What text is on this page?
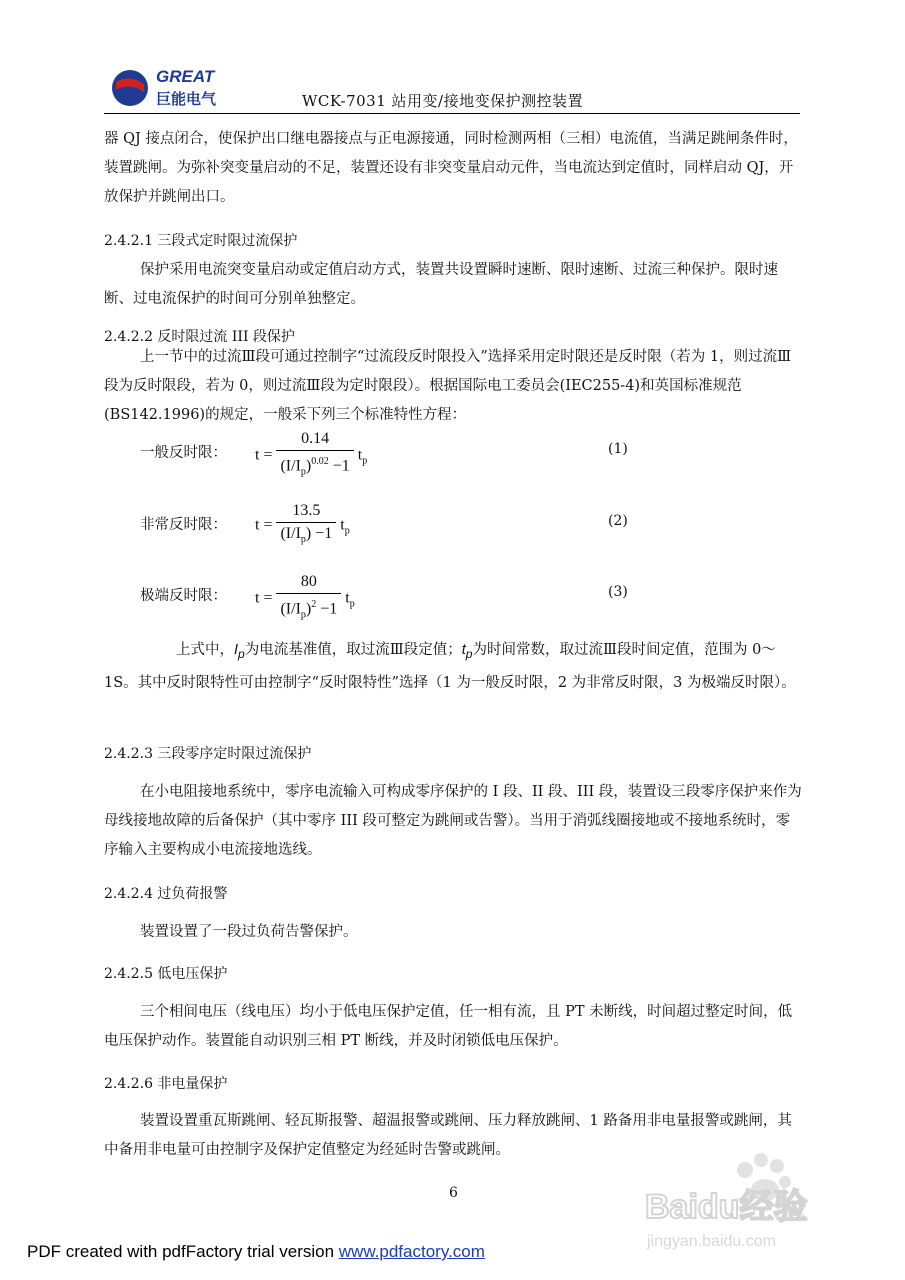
GREAT
巨能电气	WCK-7031 站用变/接地变保护测控装置

器 QJ 接点闭合，使保护出口继电器接点与正电源接通，同时检测两相（三相）电流值，当满足跳闸条件时，装置跳闸。为弥补突变量启动的不足，装置还设有非突变量启动元件，当电流达到定值时，同样启动 QJ，开放保护并跳闸出口。

2.4.2.1 三段式定时限过流保护

保护采用电流突变量启动或定值启动方式，装置共设置瞬时速断、限时速断、过流三种保护。限时速断、过电流保护的时间可分别单独整定。

2.4.2.2 反时限过流 III 段保护

上一节中的过流Ⅲ段可通过控制字“过流段反时限投入”选择采用定时限还是反时限（若为 1，则过流Ⅲ段为反时限段，若为 0，则过流Ⅲ段为定时限段）。根据国际电工委员会(IEC255-4)和英国标准规范(BS142.1996)的规定，一般采下列三个标准特性方程：

一般反时限： $t = \frac{0.14}{(I/I_p)^{0.02} -1} t_p$
(1)
非常反时限： $t = \frac{13.5}{(I/I_p) -1} t_p$
(2)
极端反时限： $t = \frac{80}{(I/I_p)^2 -1} t_p$
(3)

上式中，$I_p$为电流基准值，取过流Ⅲ段定值；$t_p$为时间常数，取过流Ⅲ段时间定值，范围为 0～1S。其中反时限特性可由控制字“反时限特性”选择（1 为一般反时限，2 为非常反时限，3 为极端反时限）。

2.4.2.3 三段零序定时限过流保护

在小电阻接地系统中，零序电流输入可构成零序保护的 I 段、II 段、III 段，装置设三段零序保护来作为母线接地故障的后备保护（其中零序 III 段可整定为跳闸或告警）。当用于消弧线圈接地或不接地系统时，零序输入主要构成小电流接地选线。

2.4.2.4 过负荷报警

装置设置了一段过负荷告警保护。

2.4.2.5 低电压保护

三个相间电压（线电压）均小于低电压保护定值，任一相有流，且 PT 未断线，时间超过整定时间，低电压保护动作。装置能自动识别三相 PT 断线，并及时闭锁低电压保护。

2.4.2.6 非电量保护

装置设置重瓦斯跳闸、轻瓦斯报警、超温报警或跳闸、压力释放跳闸、1 路备用非电量报警或跳闸，其中备用非电量可由控制字及保护定值整定为经延时告警或跳闸。

6	Baidu经验
jingyan.baidu.com
PDF created with pdfFactory trial version www.pdfactory.com
